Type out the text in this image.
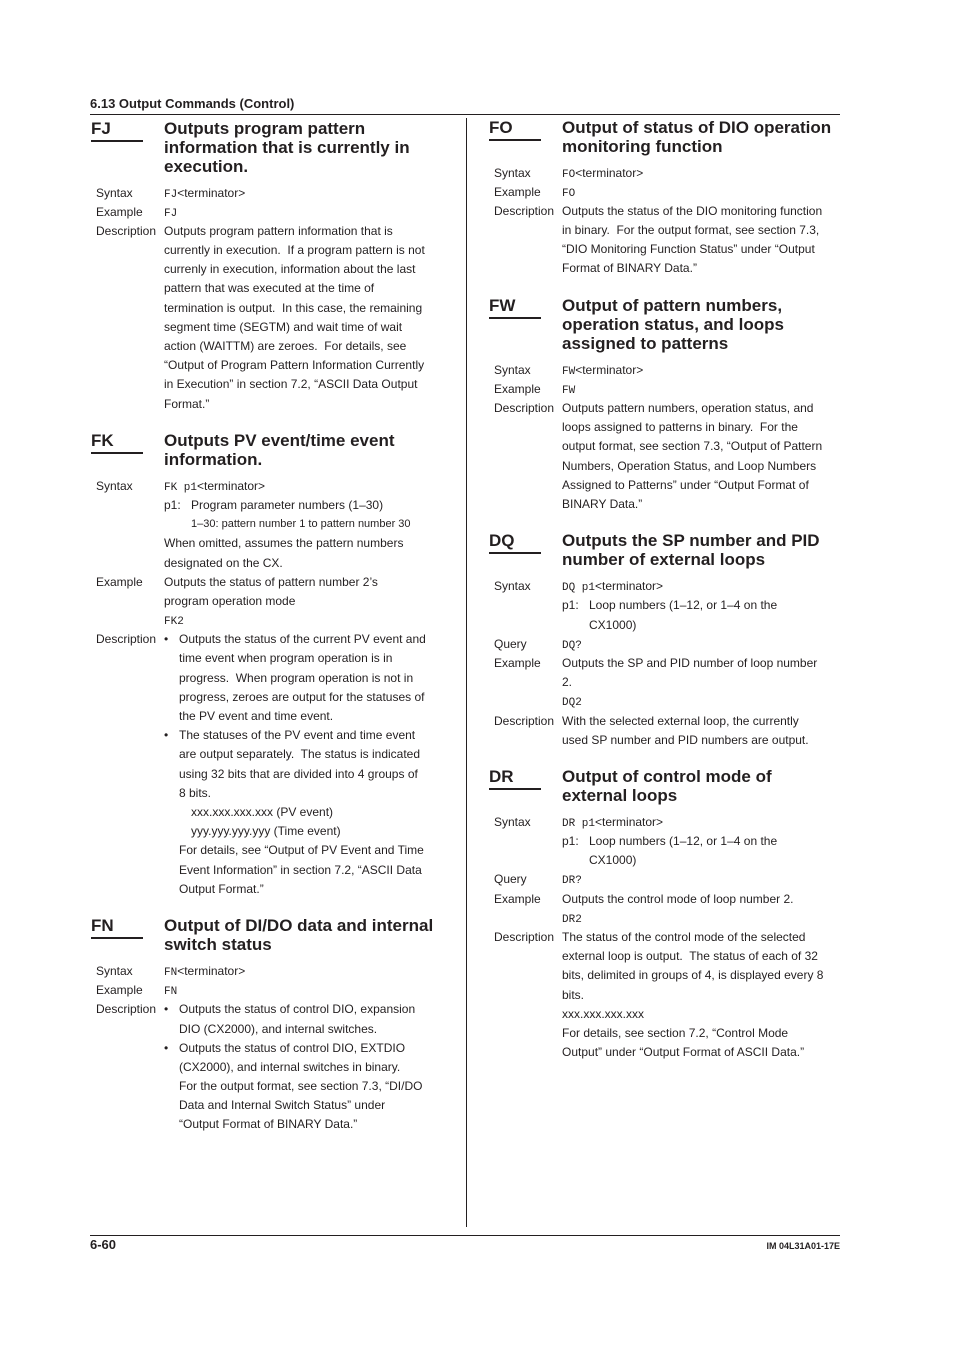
6.13 Output Commands (Control)
FJ	Outputs program pattern
information that is currently in
execution.
Syntax	FJ<terminator>
Example	FJ
Description Outputs program pattern information that is
currently in execution.  If a program pattern is not
currenly in execution, information about the last
pattern that was executed at the time of
termination is output.  In this case, the remaining
segment time (SEGTM) and wait time of wait
action (WAITTM) are zeroes.  For details, see
“Output of Program Pattern Information Currently
in Execution” in section 7.2, “ASCII Data Output
Format.”
FK	Outputs PV event/time event
information.
Syntax	FK p1<terminator>
p1: Program parameter numbers (1–30)
1–30: pattern number 1 to pattern number 30
When omitted, assumes the pattern numbers
designated on the CX.
Example	Outputs the status of pattern number 2’s
program operation mode
FK2
Description • Outputs the status of the current PV event and
time event when program operation is in
progress.  When program operation is not in
progress, zeroes are output for the statuses of
the PV event and time event.
• The statuses of the PV event and time event
are output separately.  The status is indicated
using 32 bits that are divided into 4 groups of
8 bits.
xxx.xxx.xxx.xxx (PV event)
yyy.yyy.yyy.yyy (Time event)
For details, see “Output of PV Event and Time
Event Information” in section 7.2, “ASCII Data
Output Format.”
FN	Output of DI/DO data and internal
switch status
Syntax	FN<terminator>
Example	FN
Description • Outputs the status of control DIO, expansion
DIO (CX2000), and internal switches.
• Outputs the status of control DIO, EXTDIO
(CX2000), and internal switches in binary.
For the output format, see section 7.3, “DI/DO
Data and Internal Switch Status” under
“Output Format of BINARY Data.”
FO	Output of status of DIO operation
monitoring function
Syntax	FO<terminator>
Example	FO
Description Outputs the status of the DIO monitoring function
in binary.  For the output format, see section 7.3,
“DIO Monitoring Function Status” under “Output
Format of BINARY Data.”
FW	Output of pattern numbers,
operation status, and loops
assigned to patterns
Syntax	FW<terminator>
Example	FW
Description Outputs pattern numbers, operation status, and
loops assigned to patterns in binary.  For the
output format, see section 7.3, “Output of Pattern
Numbers, Operation Status, and Loop Numbers
Assigned to Patterns” under “Output Format of
BINARY Data.”
DQ	Outputs the SP number and PID
number of external loops
Syntax	DQ p1<terminator>
p1: Loop numbers (1–12, or 1–4 on the
CX1000)
Query	DQ?
Example	Outputs the SP and PID number of loop number
2.
DQ2
Description With the selected external loop, the currently
used SP number and PID numbers are output.
DR	Output of control mode of
external loops
Syntax	DR p1<terminator>
p1: Loop numbers (1–12, or 1–4 on the
CX1000)
Query	DR?
Example	Outputs the control mode of loop number 2.
DR2
Description The status of the control mode of the selected
external loop is output.  The status of each of 32
bits, delimited in groups of 4, is displayed every 8
bits.
xxx.xxx.xxx.xxx
For details, see section 7.2, “Control Mode
Output” under “Output Format of ASCII Data.”
6-60	IM 04L31A01-17E
